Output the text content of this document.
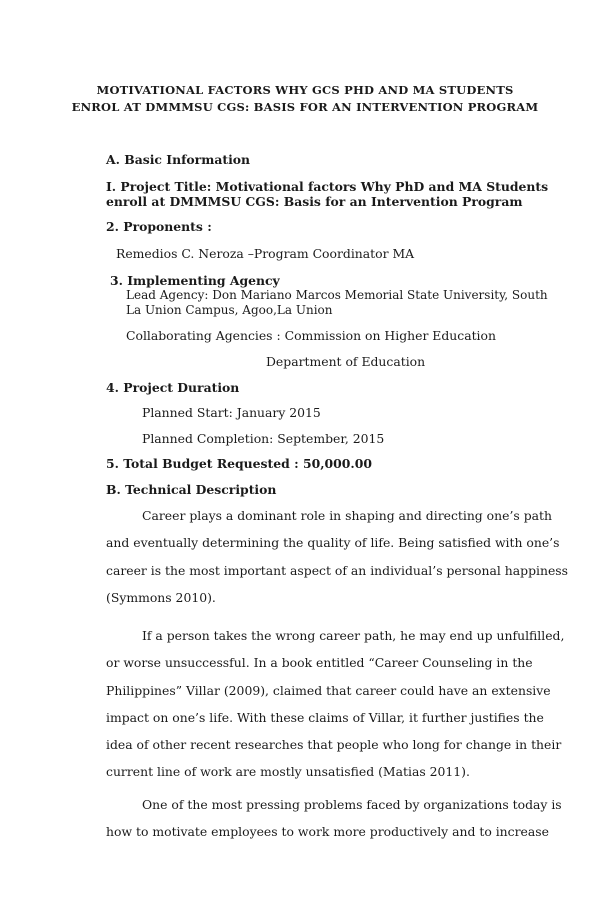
MOTIVATIONAL FACTORS WHY GCS PHD AND MA STUDENTS
ENROL AT DMMMSU CGS: BASIS FOR AN INTERVENTION PROGRAM
A. Basic Information
I. Project Title: Motivational factors Why PhD and MA Students
enroll at DMMMSU CGS: Basis for an Intervention Program
2. Proponents :
Remedios C. Neroza –Program Coordinator MA
3. Implementing Agency
Lead Agency: Don Mariano Marcos Memorial State University, South
La Union Campus, Agoo,La Union
Collaborating Agencies : Commission on Higher Education
Department of Education
4. Project Duration
Planned Start: January 2015
Planned Completion: September, 2015
5. Total Budget Requested : 50,000.00
B. Technical Description
Career plays a dominant role in shaping and directing one’s path
and eventually determining the quality of life. Being satisfied with one’s
career is the most important aspect of an individual’s personal happiness
(Symmons 2010).
If a person takes the wrong career path, he may end up unfulfilled,
or worse unsuccessful. In a book entitled “Career Counseling in the
Philippines” Villar (2009), claimed that career could have an extensive
impact on one’s life. With these claims of Villar, it further justifies the
idea of other recent researches that people who long for change in their
current line of work are mostly unsatisfied (Matias 2011).
One of the most pressing problems faced by organizations today is
how to motivate employees to work more productively and to increase
